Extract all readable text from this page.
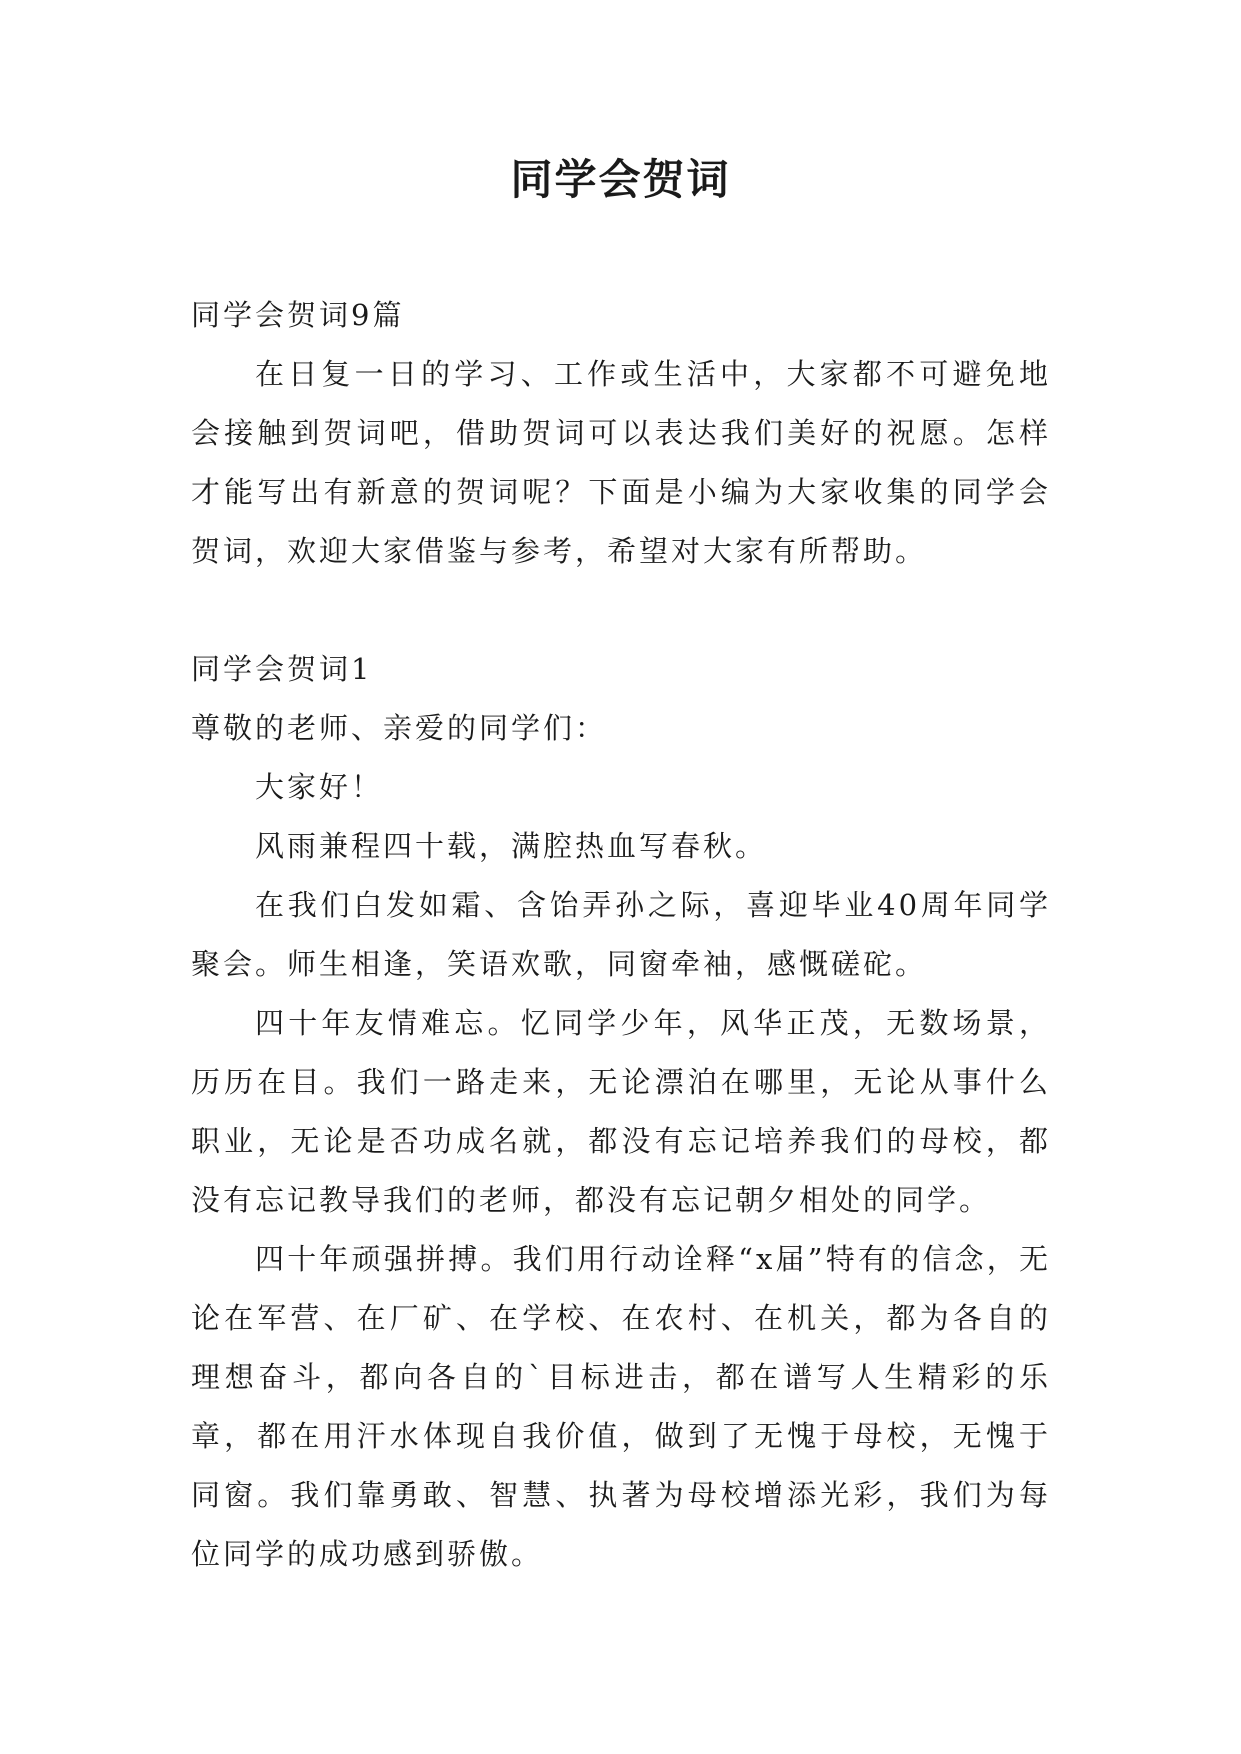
同学会贺词

同学会贺词9篇

在日复一日的学习、工作或生活中，大家都不可避免地会接触到贺词吧，借助贺词可以表达我们美好的祝愿。怎样才能写出有新意的贺词呢？下面是小编为大家收集的同学会贺词，欢迎大家借鉴与参考，希望对大家有所帮助。

同学会贺词1

尊敬的老师、亲爱的同学们：

大家好！

风雨兼程四十载，满腔热血写春秋。

在我们白发如霜、含饴弄孙之际，喜迎毕业40周年同学聚会。师生相逢，笑语欢歌，同窗牵袖，感慨磋砣。

四十年友情难忘。忆同学少年，风华正茂，无数场景，历历在目。我们一路走来，无论漂泊在哪里，无论从事什么职业，无论是否功成名就，都没有忘记培养我们的母校，都没有忘记教导我们的老师，都没有忘记朝夕相处的同学。

四十年顽强拼搏。我们用行动诠释“x届”特有的信念，无论在军营、在厂矿、在学校、在农村、在机关，都为各自的理想奋斗，都向各自的`目标进击，都在谱写人生精彩的乐章，都在用汗水体现自我价值，做到了无愧于母校，无愧于同窗。我们靠勇敢、智慧、执著为母校增添光彩，我们为每位同学的成功感到骄傲。
